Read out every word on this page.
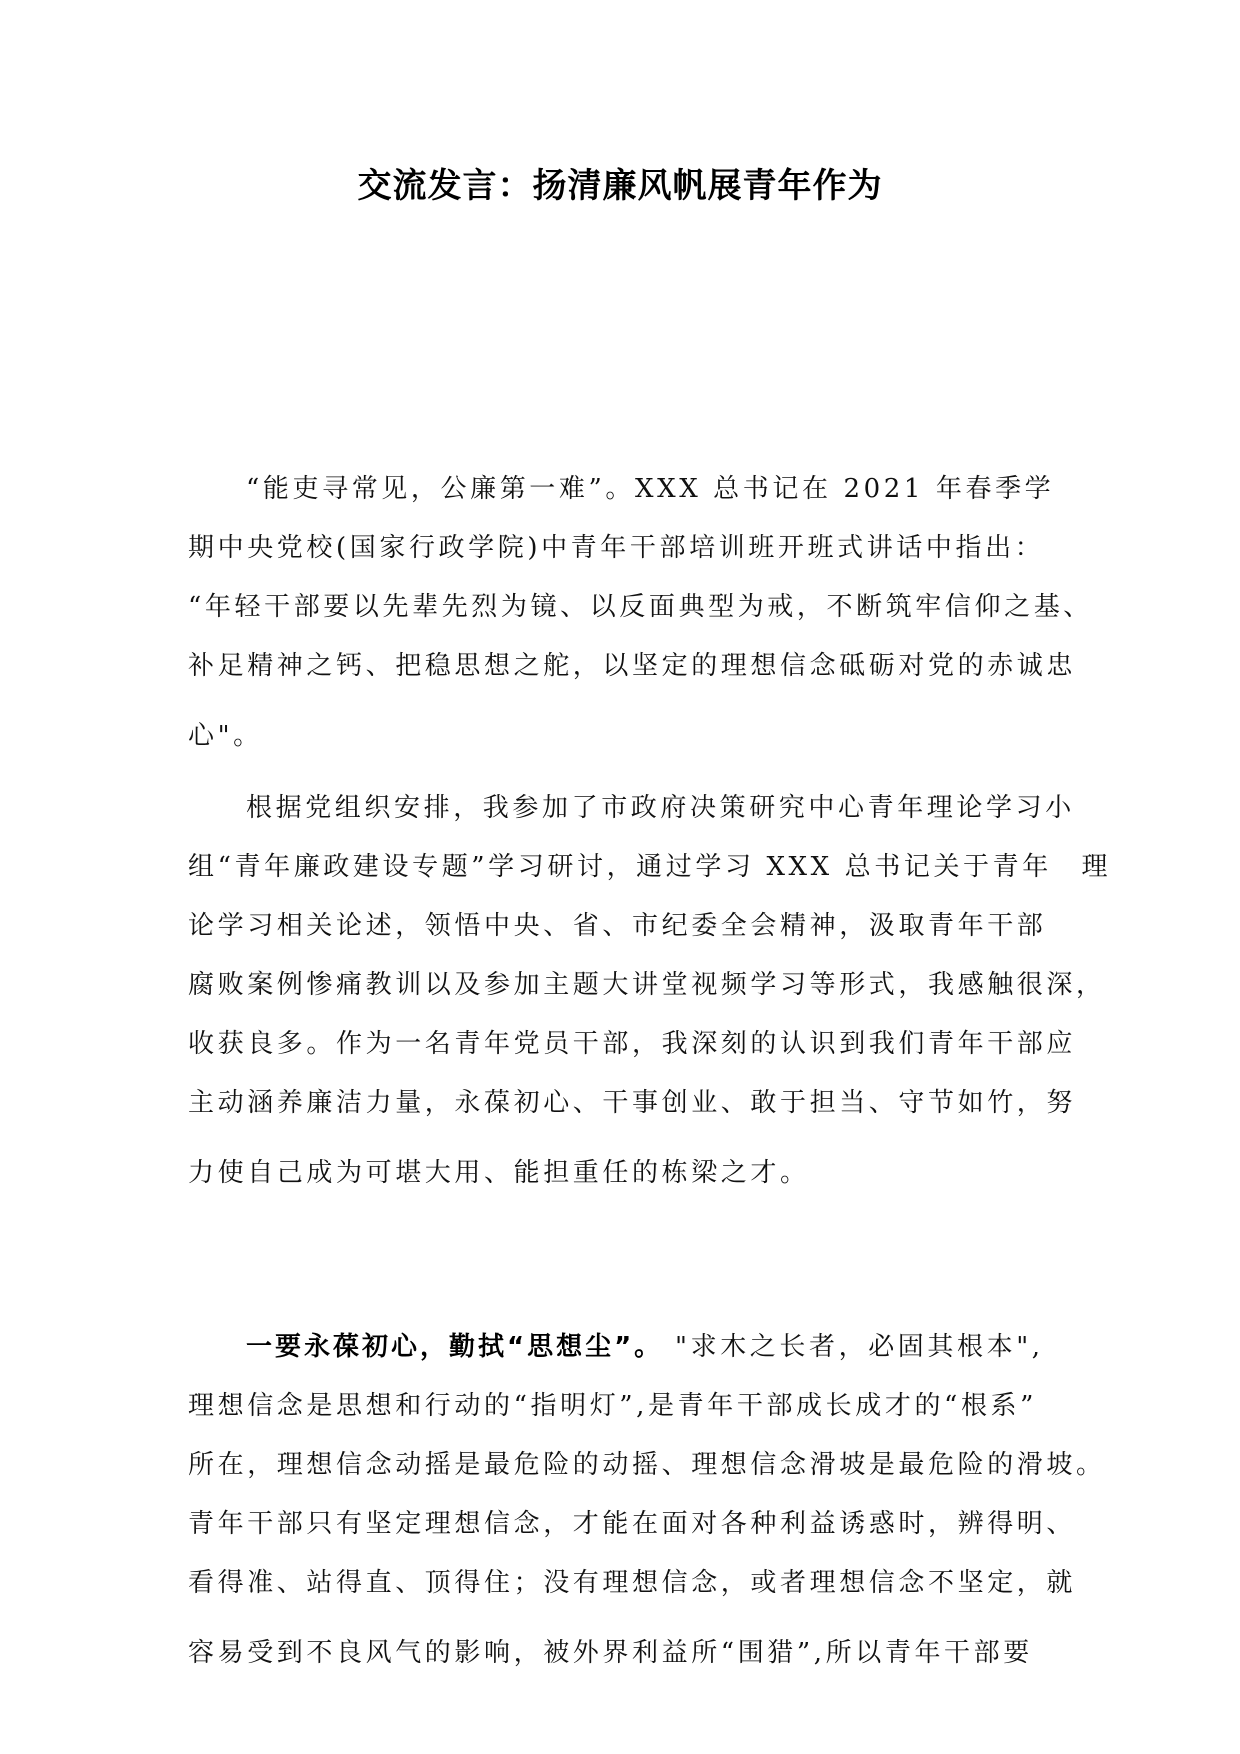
交流发言：扬清廉风帆展青年作为
“能吏寻常见，公廉第一难”。XXX 总书记在 2021 年春季学
期中央党校(国家行政学院)中青年干部培训班开班式讲话中指出：
“年轻干部要以先辈先烈为镜、以反面典型为戒，不断筑牢信仰之基、
补足精神之钙、把稳思想之舵，以坚定的理想信念砥砺对党的赤诚忠
心"。
根据党组织安排，我参加了市政府决策研究中心青年理论学习小
组“青年廉政建设专题”学习研讨，通过学习 XXX 总书记关于青年　理
论学习相关论述，领悟中央、省、市纪委全会精神，汲取青年干部
腐败案例惨痛教训以及参加主题大讲堂视频学习等形式，我感触很深，
收获良多。作为一名青年党员干部，我深刻的认识到我们青年干部应
主动涵养廉洁力量，永葆初心、干事创业、敢于担当、守节如竹，努
力使自己成为可堪大用、能担重任的栋梁之才。
一要永葆初心，勤拭“思想尘”。 "求木之长者，必固其根本",
理想信念是思想和行动的“指明灯”,是青年干部成长成才的“根系”
所在，理想信念动摇是最危险的动摇、理想信念滑坡是最危险的滑坡。
青年干部只有坚定理想信念，才能在面对各种利益诱惑时，辨得明、
看得准、站得直、顶得住；没有理想信念，或者理想信念不坚定，就
容易受到不良风气的影响，被外界利益所“围猎”,所以青年干部要
